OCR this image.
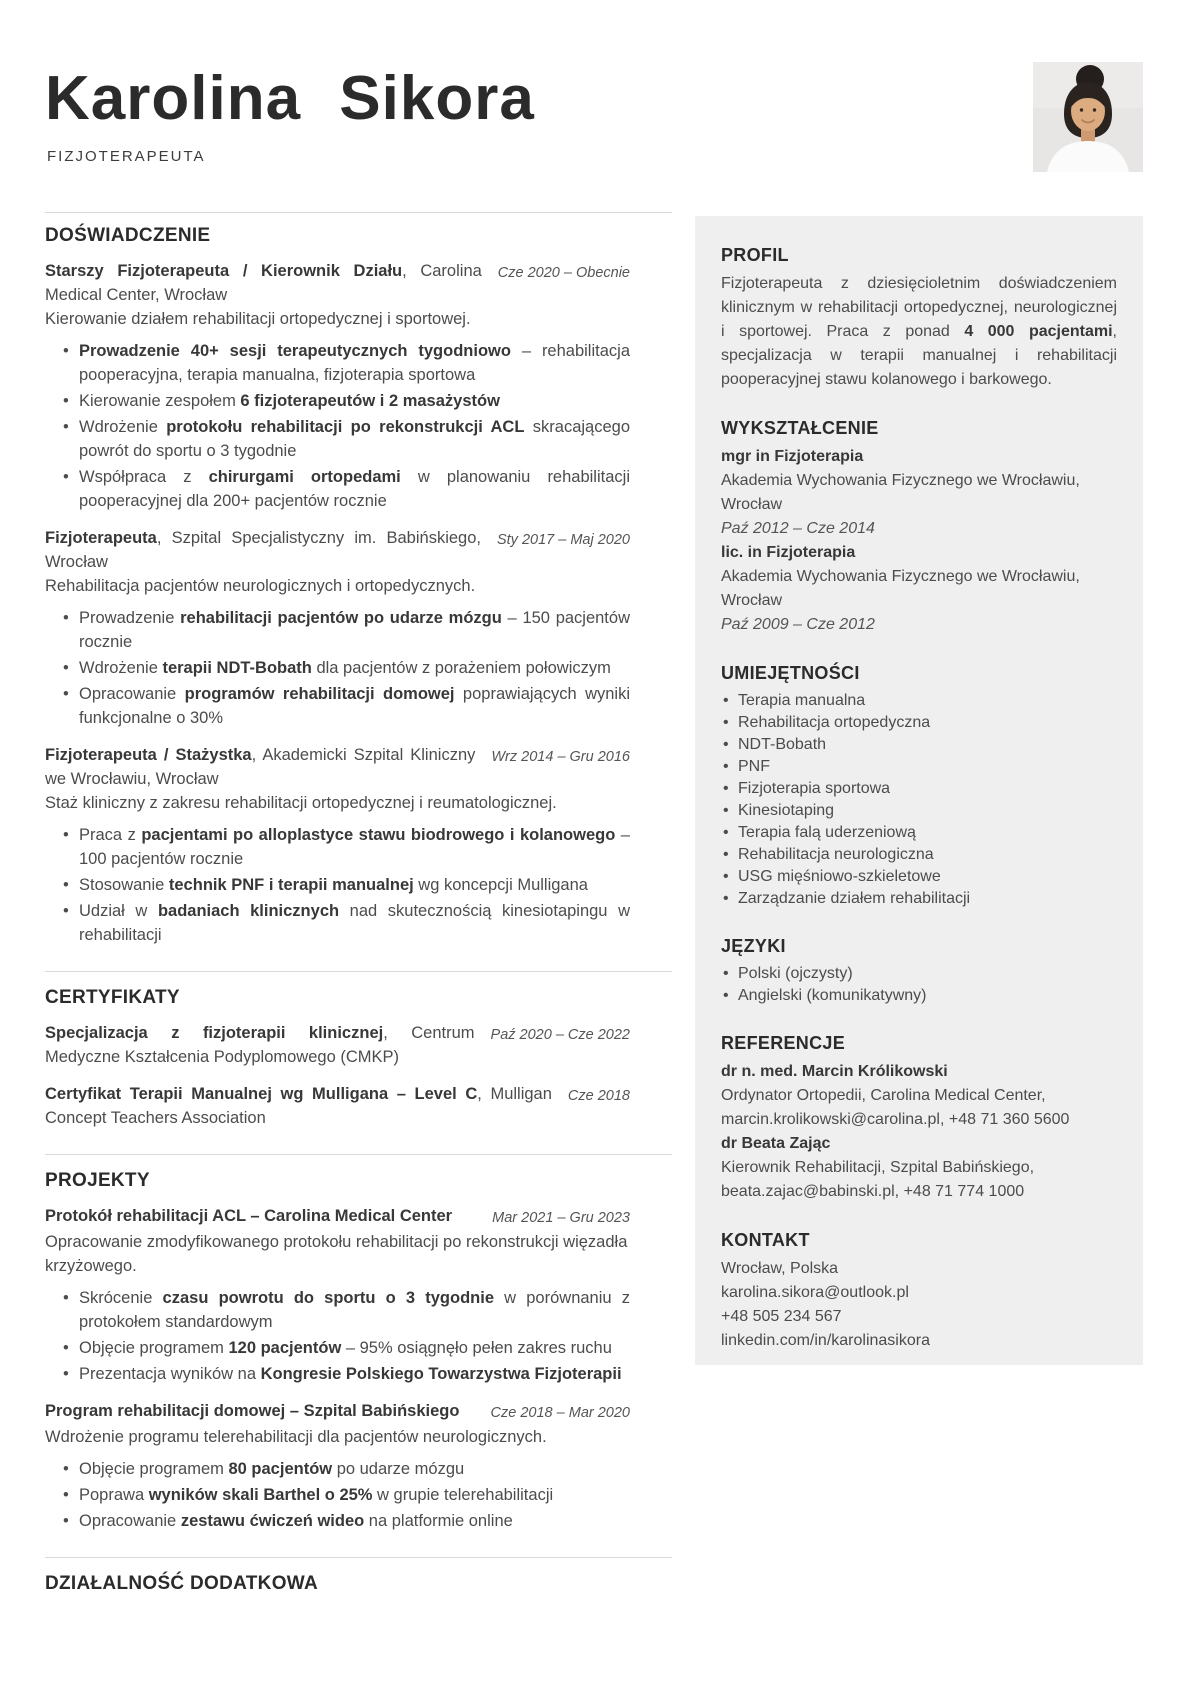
Karolina Sikora
FIZJOTERAPEUTA
DOŚWIADCZENIE
Starszy Fizjoterapeuta / Kierownik Działu, Carolina Medical Center, Wrocław
Cze 2020 – Obecnie

Kierowanie działem rehabilitacji ortopedycznej i sportowej.

• Prowadzenie 40+ sesji terapeutycznych tygodniowo – rehabilitacja pooperacyjna, terapia manualna, fizjoterapia sportowa
• Kierowanie zespołem 6 fizjoterapeutów i 2 masażystów
• Wdrożenie protokołu rehabilitacji po rekonstrukcji ACL skracającego powrót do sportu o 3 tygodnie
• Współpraca z chirurgami ortopedami w planowaniu rehabilitacji pooperacyjnej dla 200+ pacjentów rocznie
Fizjoterapeuta, Szpital Specjalistyczny im. Babińskiego, Wrocław
Sty 2017 – Maj 2020

Rehabilitacja pacjentów neurologicznych i ortopedycznych.

• Prowadzenie rehabilitacji pacjentów po udarze mózgu – 150 pacjentów rocznie
• Wdrożenie terapii NDT-Bobath dla pacjentów z porażeniem połowiczym
• Opracowanie programów rehabilitacji domowej poprawiających wyniki funkcjonalne o 30%
Fizjoterapeuta / Stażystka, Akademicki Szpital Kliniczny we Wrocławiu, Wrocław
Wrz 2014 – Gru 2016

Staż kliniczny z zakresu rehabilitacji ortopedycznej i reumatologicznej.

• Praca z pacjentami po alloplastyce stawu biodrowego i kolanowego – 100 pacjentów rocznie
• Stosowanie technik PNF i terapii manualnej wg koncepcji Mulligana
• Udział w badaniach klinicznych nad skutecznością kinesiotapingu w rehabilitacji
CERTYFIKATY
Specjalizacja z fizjoterapii klinicznej, Centrum Medyczne Kształcenia Podyplomowego (CMKP)
Paź 2020 – Cze 2022
Certyfikat Terapii Manualnej wg Mulligana – Level C, Mulligan Concept Teachers Association
Cze 2018
PROJEKTY
Protokół rehabilitacji ACL – Carolina Medical Center	Mar 2021 – Gru 2023

Opracowanie zmodyfikowanego protokołu rehabilitacji po rekonstrukcji więzadła krzyżowego.

• Skrócenie czasu powrotu do sportu o 3 tygodnie w porównaniu z protokołem standardowym
• Objęcie programem 120 pacjentów – 95% osiągnęło pełen zakres ruchu
• Prezentacja wyników na Kongresie Polskiego Towarzystwa Fizjoterapii
Program rehabilitacji domowej – Szpital Babińskiego	Cze 2018 – Mar 2020

Wdrożenie programu telerehabilitacji dla pacjentów neurologicznych.

• Objęcie programem 80 pacjentów po udarze mózgu
• Poprawa wyników skali Barthel o 25% w grupie telerehabilitacji
• Opracowanie zestawu ćwiczeń wideo na platformie online
DZIAŁALNOŚĆ DODATKOWA
PROFIL

Fizjoterapeuta z dziesięcioletnim doświadczeniem klinicznym w rehabilitacji ortopedycznej, neurologicznej i sportowej. Praca z ponad 4 000 pacjentami, specjalizacja w terapii manualnej i rehabilitacji pooperacyjnej stawu kolanowego i barkowego.

WYKSZTAŁCENIE
mgr in Fizjoterapia
Akademia Wychowania Fizycznego we Wrocławiu, Wrocław
Paź 2012 – Cze 2014
lic. in Fizjoterapia
Akademia Wychowania Fizycznego we Wrocławiu, Wrocław
Paź 2009 – Cze 2012
UMIEJĘTNOŚCI
• Terapia manualna
• Rehabilitacja ortopedyczna
• NDT-Bobath
• PNF
• Fizjoterapia sportowa
• Kinesiotaping
• Terapia falą uderzeniową
• Rehabilitacja neurologiczna
• USG mięśniowo-szkieletowe
• Zarządzanie działem rehabilitacji
JĘZYKI
• Polski (ojczysty)
• Angielski (komunikatywny)
REFERENCJE
dr n. med. Marcin Królikowski
Ordynator Ortopedii, Carolina Medical Center, marcin.krolikowski@carolina.pl, +48 71 360 5600
dr Beata Zając
Kierownik Rehabilitacji, Szpital Babińskiego, beata.zajac@babinski.pl, +48 71 774 1000
KONTAKT
Wrocław, Polska
karolina.sikora@outlook.pl
+48 505 234 567
linkedin.com/in/karolinasikora
